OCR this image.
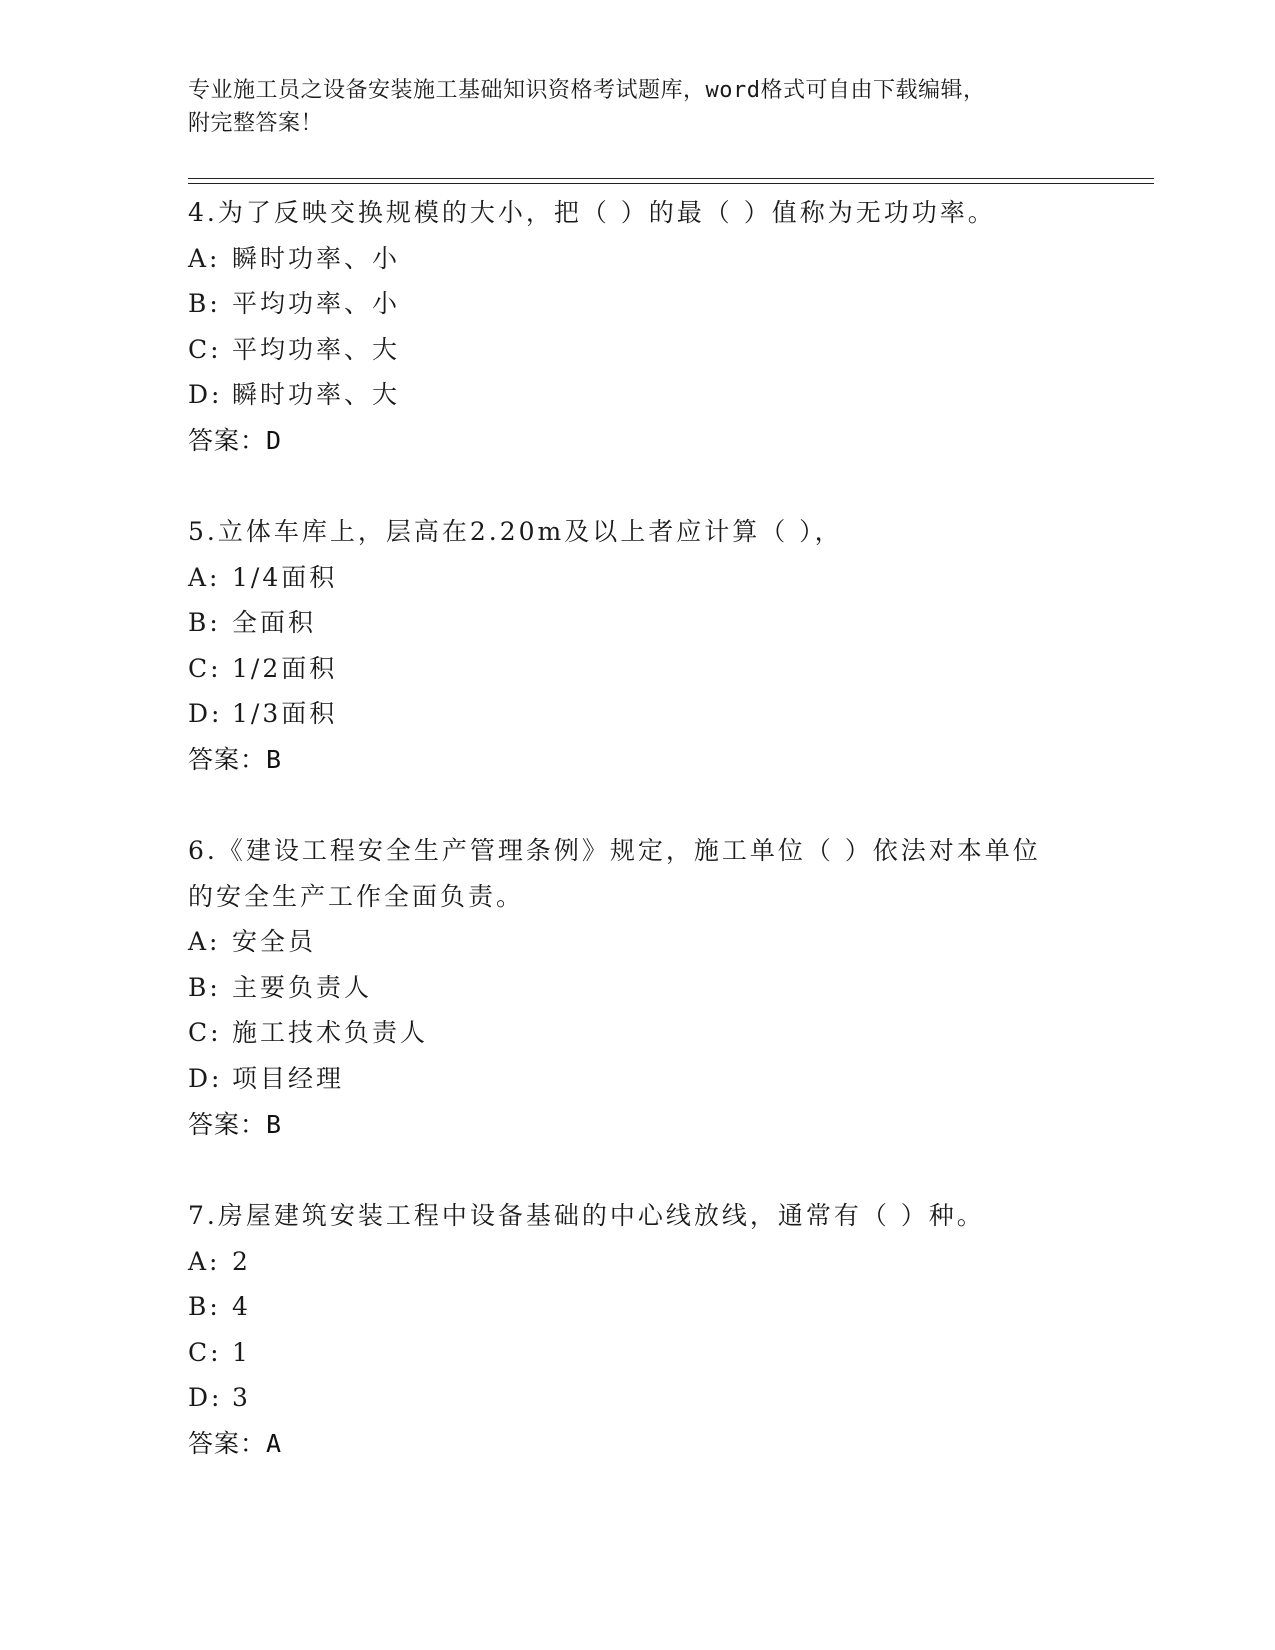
专业施工员之设备安装施工基础知识资格考试题库，word格式可自由下载编辑，
附完整答案！
4.为了反映交换规模的大小，把（ ）的最（ ）值称为无功功率。
A: 瞬时功率、小
B: 平均功率、小
C: 平均功率、大
D: 瞬时功率、大
答案：D
5.立体车库上，层高在2.20m及以上者应计算（ ），
A: 1/4面积
B: 全面积
C: 1/2面积
D: 1/3面积
答案：B
6.《建设工程安全生产管理条例》规定，施工单位（ ）依法对本单位
的安全生产工作全面负责。
A: 安全员
B: 主要负责人
C: 施工技术负责人
D: 项目经理
答案：B
7.房屋建筑安装工程中设备基础的中心线放线，通常有（ ）种。
A: 2
B: 4
C: 1
D: 3
答案：A
